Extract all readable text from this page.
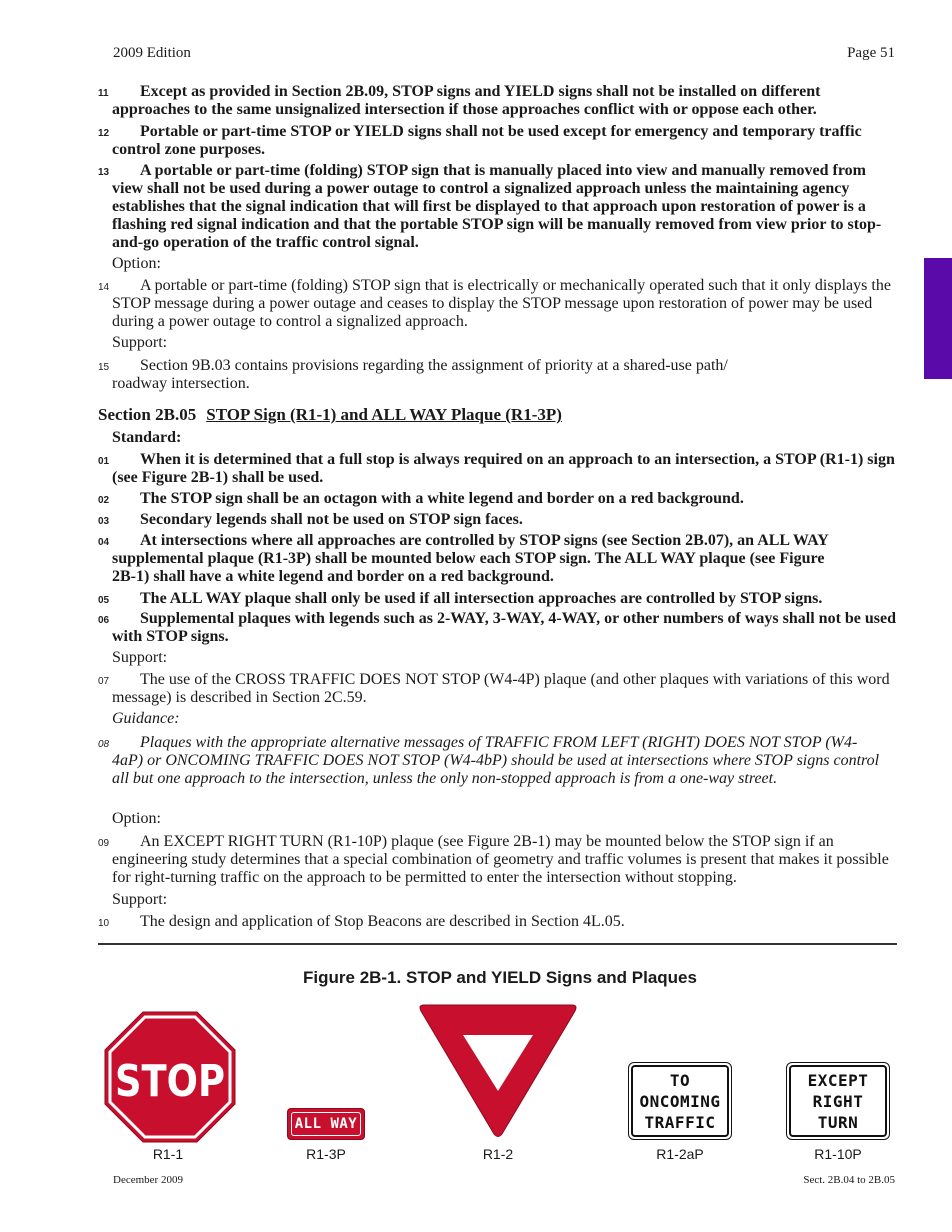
2009 Edition	Page 51

11	Except as provided in Section 2B.09, STOP signs and YIELD signs shall not be installed on different approaches to the same unsignalized intersection if those approaches conflict with or oppose each other.

12	Portable or part-time STOP or YIELD signs shall not be used except for emergency and temporary traffic control zone purposes.

13	A portable or part-time (folding) STOP sign that is manually placed into view and manually removed from view shall not be used during a power outage to control a signalized approach unless the maintaining agency establishes that the signal indication that will first be displayed to that approach upon restoration of power is a flashing red signal indication and that the portable STOP sign will be manually removed from view prior to stop-and-go operation of the traffic control signal.

Option:

14	A portable or part-time (folding) STOP sign that is electrically or mechanically operated such that it only displays the STOP message during a power outage and ceases to display the STOP message upon restoration of power may be used during a power outage to control a signalized approach.

Support:

15	Section 9B.03 contains provisions regarding the assignment of priority at a shared-use path/ roadway intersection.

Section 2B.05 STOP Sign (R1-1) and ALL WAY Plaque (R1-3P)
Standard:

01	When it is determined that a full stop is always required on an approach to an intersection, a STOP (R1-1) sign (see Figure 2B-1) shall be used.

02	The STOP sign shall be an octagon with a white legend and border on a red background.

03	Secondary legends shall not be used on STOP sign faces.

04	At intersections where all approaches are controlled by STOP signs (see Section 2B.07), an ALL WAY supplemental plaque (R1-3P) shall be mounted below each STOP sign. The ALL WAY plaque (see Figure 2B-1) shall have a white legend and border on a red background.

05	The ALL WAY plaque shall only be used if all intersection approaches are controlled by STOP signs.

06	Supplemental plaques with legends such as 2-WAY, 3-WAY, 4-WAY, or other numbers of ways shall not be used with STOP signs.

Support:

07	The use of the CROSS TRAFFIC DOES NOT STOP (W4-4P) plaque (and other plaques with variations of this word message) is described in Section 2C.59.

Guidance:

08	Plaques with the appropriate alternative messages of TRAFFIC FROM LEFT (RIGHT) DOES NOT STOP (W4-4aP) or ONCOMING TRAFFIC DOES NOT STOP (W4-4bP) should be used at intersections where STOP signs control all but one approach to the intersection, unless the only non-stopped approach is from a one-way street.

Option:

09	An EXCEPT RIGHT TURN (R1-10P) plaque (see Figure 2B-1) may be mounted below the STOP sign if an engineering study determines that a special combination of geometry and traffic volumes is present that makes it possible for right-turning traffic on the approach to be permitted to enter the intersection without stopping.

Support:

10	The design and application of Stop Beacons are described in Section 4L.05.

Figure 2B-1. STOP and YIELD Signs and Plaques
STOP
ALL WAY
YIELD
TO
ONCOMING
TRAFFIC
EXCEPT
RIGHT
TURN
R1-1	R1-3P	R1-2	R1-2aP	R1-10P
December 2009	Sect. 2B.04 to 2B.05
